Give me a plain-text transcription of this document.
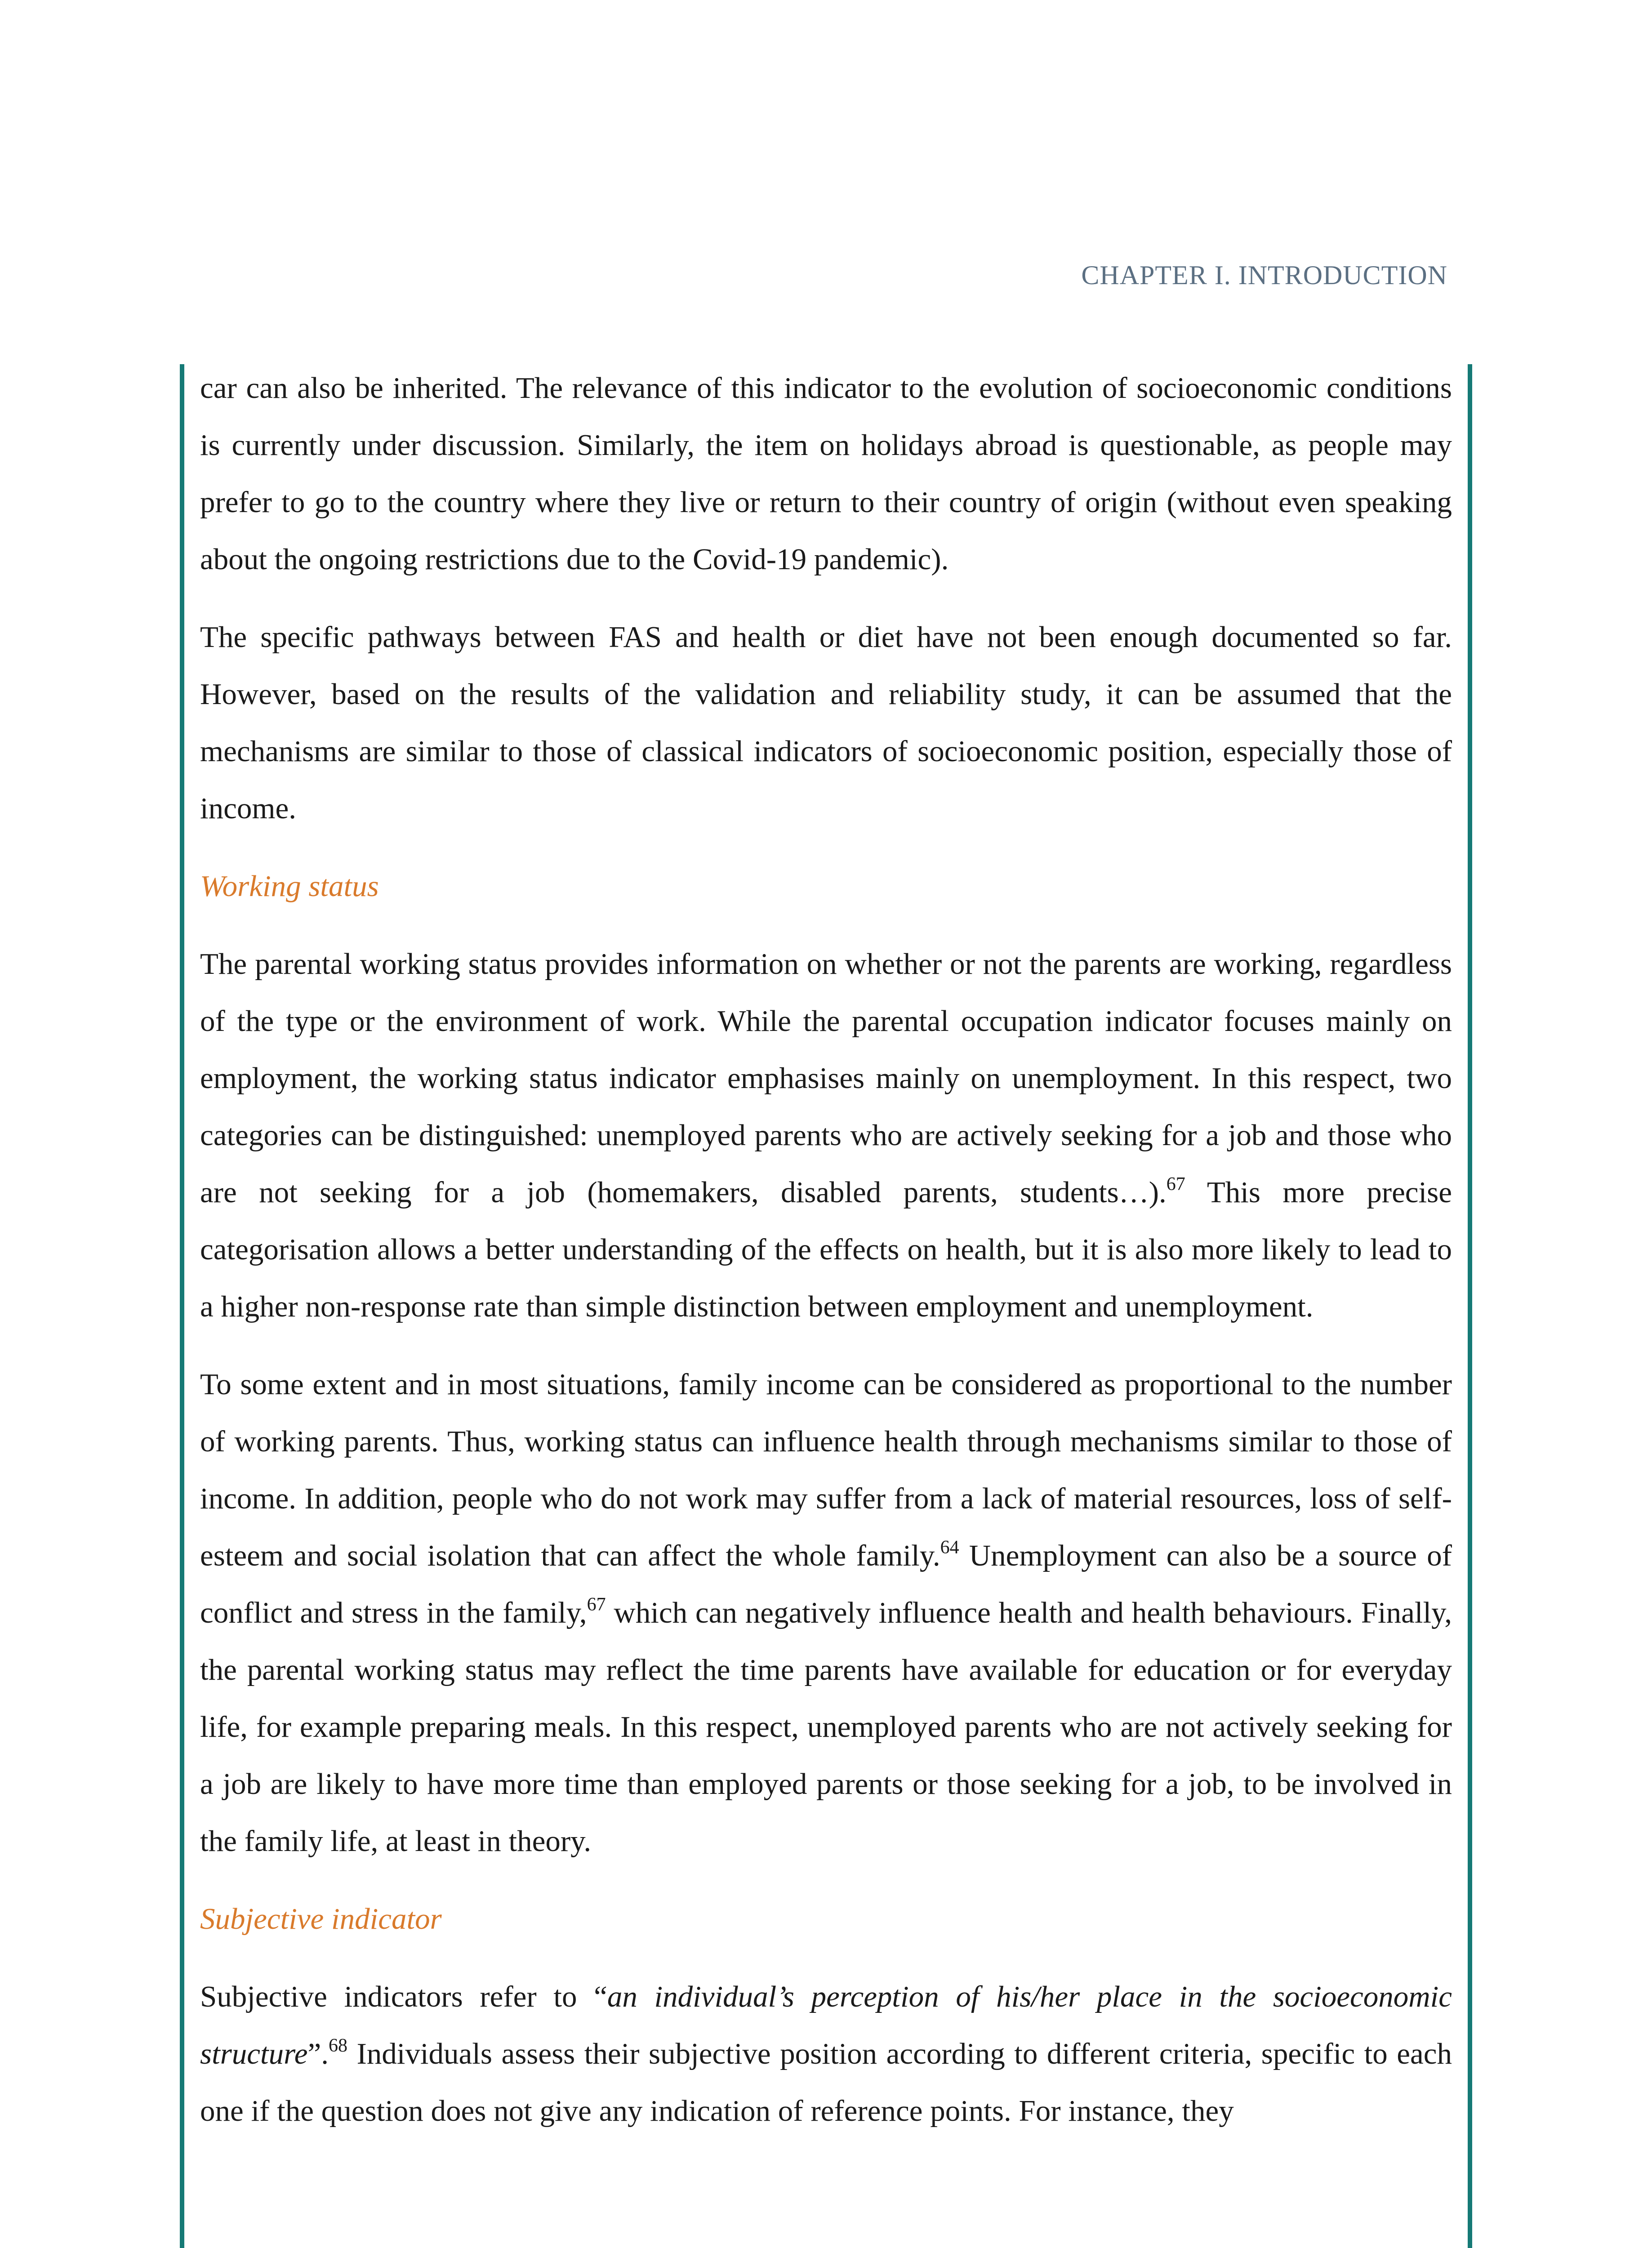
CHAPTER I. INTRODUCTION

car can also be inherited. The relevance of this indicator to the evolution of socioeconomic conditions is currently under discussion. Similarly, the item on holidays abroad is questionable, as people may prefer to go to the country where they live or return to their country of origin (without even speaking about the ongoing restrictions due to the Covid-19 pandemic).

The specific pathways between FAS and health or diet have not been enough documented so far. However, based on the results of the validation and reliability study, it can be assumed that the mechanisms are similar to those of classical indicators of socioeconomic position, especially those of income.

Working status

The parental working status provides information on whether or not the parents are working, regardless of the type or the environment of work. While the parental occupation indicator focuses mainly on employment, the working status indicator emphasises mainly on unemployment. In this respect, two categories can be distinguished: unemployed parents who are actively seeking for a job and those who are not seeking for a job (homemakers, disabled parents, students…).$^{67}$ This more precise categorisation allows a better understanding of the effects on health, but it is also more likely to lead to a higher non-response rate than simple distinction between employment and unemployment.

To some extent and in most situations, family income can be considered as proportional to the number of working parents. Thus, working status can influence health through mechanisms similar to those of income. In addition, people who do not work may suffer from a lack of material resources, loss of self-esteem and social isolation that can affect the whole family.$^{64}$ Unemployment can also be a source of conflict and stress in the family,$^{67}$ which can negatively influence health and health behaviours. Finally, the parental working status may reflect the time parents have available for education or for everyday life, for example preparing meals. In this respect, unemployed parents who are not actively seeking for a job are likely to have more time than employed parents or those seeking for a job, to be involved in the family life, at least in theory.

Subjective indicator

Subjective indicators refer to “an individual’s perception of his/her place in the socioeconomic structure”.$^{68}$ Individuals assess their subjective position according to different criteria, specific to each one if the question does not give any indication of reference points. For instance, they
